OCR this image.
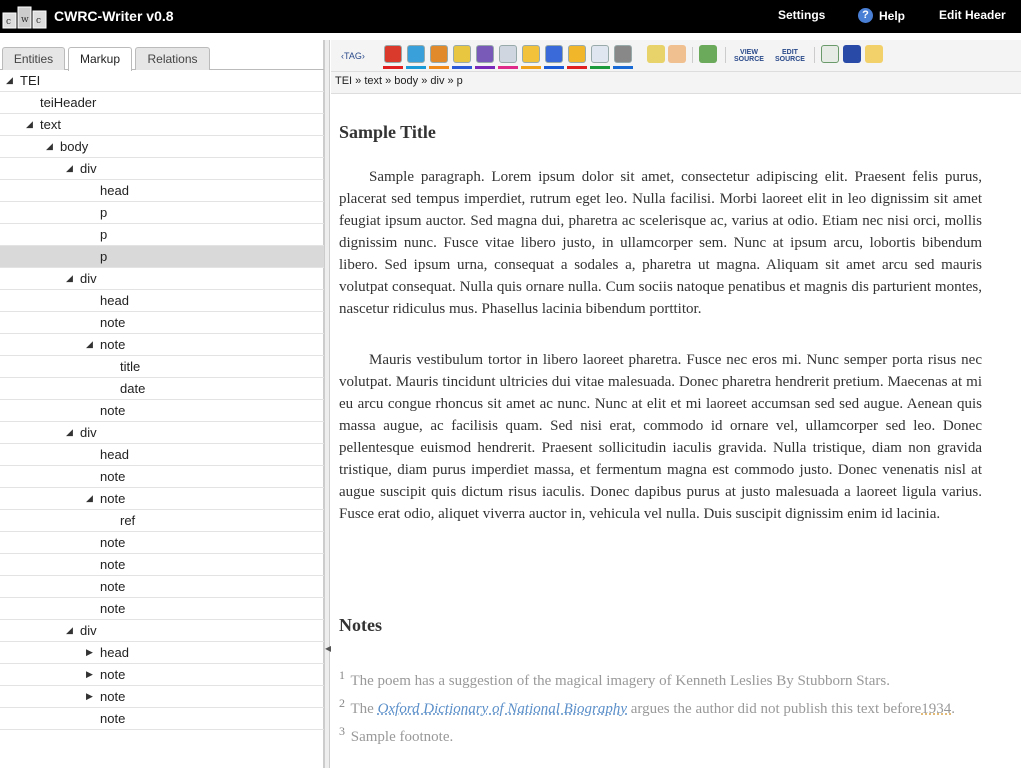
c w c CWRC-Writer v0.8	Settings	? Help	Edit Header
Entities	Markup	Relations
◢ TEI
teiHeader
◢ text
◢ body
◢ div
head
p
p
p
◢ div
head
note
◢ note
title
date
note
◢ div
head
note
◢ note
ref
note
note
note
note
◢ div
▶ head
▶ note
▶ note
note
◀
‹TAG›	VIEW
SOURCE
EDIT
SOURCE
TEI » text » body » div » p
Sample Title
Sample paragraph. Lorem ipsum dolor sit amet, consectetur adipiscing elit. Praesent felis purus, placerat sed tempus imperdiet, rutrum eget leo. Nulla facilisi. Morbi laoreet elit in leo dignissim sit amet feugiat ipsum auctor. Sed magna dui, pharetra ac scelerisque ac, varius at odio. Etiam nec nisi orci, mollis dignissim nunc. Fusce vitae libero justo, in ullamcorper sem. Nunc at ipsum arcu, lobortis bibendum libero. Sed ipsum urna, consequat a sodales a, pharetra ut magna. Aliquam sit amet arcu sed mauris volutpat consequat. Nulla quis ornare nulla. Cum sociis natoque penatibus et magnis dis parturient montes, nascetur ridiculus mus. Phasellus lacinia bibendum porttitor.
Mauris vestibulum tortor in libero laoreet pharetra. Fusce nec eros mi. Nunc semper porta risus nec volutpat. Mauris tincidunt ultricies dui vitae malesuada. Donec pharetra hendrerit pretium. Maecenas at mi eu arcu congue rhoncus sit amet ac nunc. Nunc at elit et mi laoreet accumsan sed sed augue. Aenean quis massa augue, ac facilisis quam. Sed nisi erat, commodo id ornare vel, ullamcorper sed leo. Donec pellentesque euismod hendrerit. Praesent sollicitudin iaculis gravida. Nulla tristique, diam non gravida tristique, diam purus imperdiet massa, et fermentum magna est commodo justo. Donec venenatis nisl at augue suscipit quis dictum risus iaculis. Donec dapibus purus at justo malesuada a laoreet ligula varius. Fusce erat odio, aliquet viverra auctor in, vehicula vel nulla. Duis suscipit dignissim enim id lacinia.
Notes
$^1$ The poem has a suggestion of the magical imagery of Kenneth Leslies By Stubborn Stars.
$^2$ The Oxford Dictionary of National Biography argues the author did not publish this text before1934.
$^3$ Sample footnote.
